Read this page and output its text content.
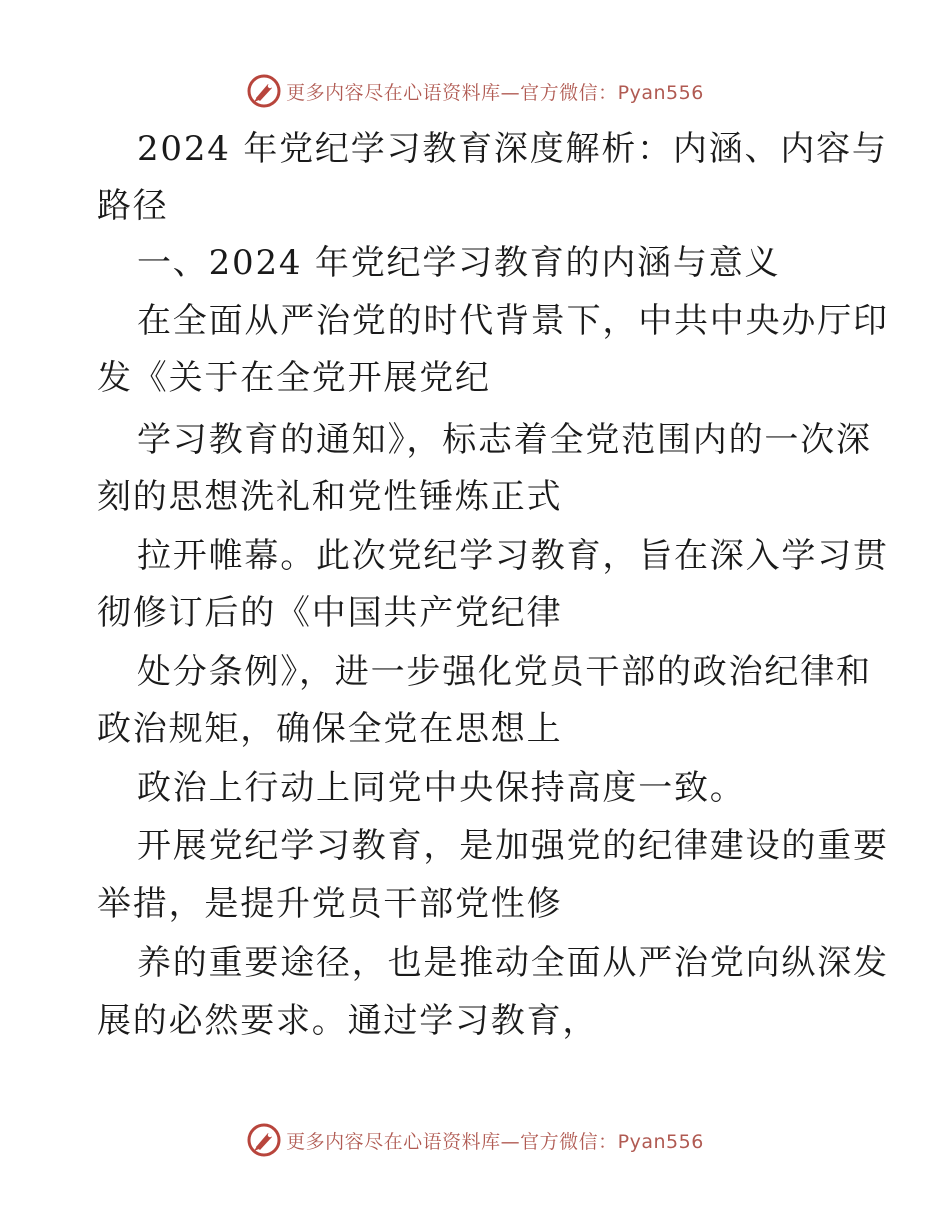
更多内容尽在心语资料库—官方微信：Pyan556
2024 年党纪学习教育深度解析：内涵、内容与
路径
一、2024 年党纪学习教育的内涵与意义
在全面从严治党的时代背景下，中共中央办厅印
发《关于在全党开展党纪
学习教育的通知》，标志着全党范围内的一次深
刻的思想洗礼和党性锤炼正式
拉开帷幕。此次党纪学习教育，旨在深入学习贯
彻修订后的《中国共产党纪律
处分条例》，进一步强化党员干部的政治纪律和
政治规矩，确保全党在思想上
政治上行动上同党中央保持高度一致。
开展党纪学习教育，是加强党的纪律建设的重要
举措，是提升党员干部党性修
养的重要途径，也是推动全面从严治党向纵深发
展的必然要求。通过学习教育，
更多内容尽在心语资料库—官方微信：Pyan556
